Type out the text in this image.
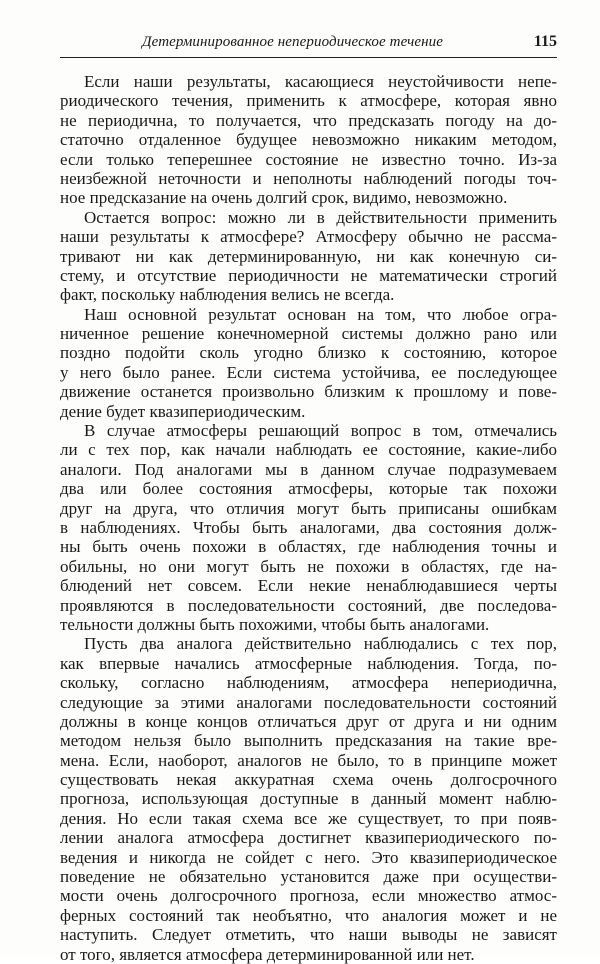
Детерминированное непериодическое течение	115

Если наши результаты, касающиеся неустойчивости непе-
риодического течения, применить к атмосфере, которая явно
не периодична, то получается, что предсказать погоду на до-
статочно отдаленное будущее невозможно никаким методом,
если только теперешнее состояние не известно точно. Из-за
неизбежной неточности и неполноты наблюдений погоды точ-
ное предсказание на очень долгий срок, видимо, невозможно.

Остается вопрос: можно ли в действительности применить
наши результаты к атмосфере? Атмосферу обычно не рассма-
тривают ни как детерминированную, ни как конечную си-
стему, и отсутствие периодичности не математически строгий
факт, поскольку наблюдения велись не всегда.

Наш основной результат основан на том, что любое огра-
ниченное решение конечномерной системы должно рано или
поздно подойти сколь угодно близко к состоянию, которое
у него было ранее. Если система устойчива, ее последующее
движение останется произвольно близким к прошлому и пове-
дение будет квазипериодическим.

В случае атмосферы решающий вопрос в том, отмечались
ли с тех пор, как начали наблюдать ее состояние, какие-либо
аналоги. Под аналогами мы в данном случае подразумеваем
два или более состояния атмосферы, которые так похожи
друг на друга, что отличия могут быть приписаны ошибкам
в наблюдениях. Чтобы быть аналогами, два состояния долж-
ны быть очень похожи в областях, где наблюдения точны и
обильны, но они могут быть не похожи в областях, где на-
блюдений нет совсем. Если некие ненаблюдавшиеся черты
проявляются в последовательности состояний, две последова-
тельности должны быть похожими, чтобы быть аналогами.

Пусть два аналога действительно наблюдались с тех пор,
как впервые начались атмосферные наблюдения. Тогда, по-
скольку, согласно наблюдениям, атмосфера непериодична,
следующие за этими аналогами последовательности состояний
должны в конце концов отличаться друг от друга и ни одним
методом нельзя было выполнить предсказания на такие вре-
мена. Если, наоборот, аналогов не было, то в принципе может
существовать некая аккуратная схема очень долгосрочного
прогноза, использующая доступные в данный момент наблю-
дения. Но если такая схема все же существует, то при появ-
лении аналога атмосфера достигнет квазипериодического по-
ведения и никогда не сойдет с него. Это квазипериодическое
поведение не обязательно установится даже при осуществи-
мости очень долгосрочного прогноза, если множество атмос-
ферных состояний так необъятно, что аналогия может и не
наступить. Следует отметить, что наши выводы не зависят
от того, является атмосфера детерминированной или нет.
